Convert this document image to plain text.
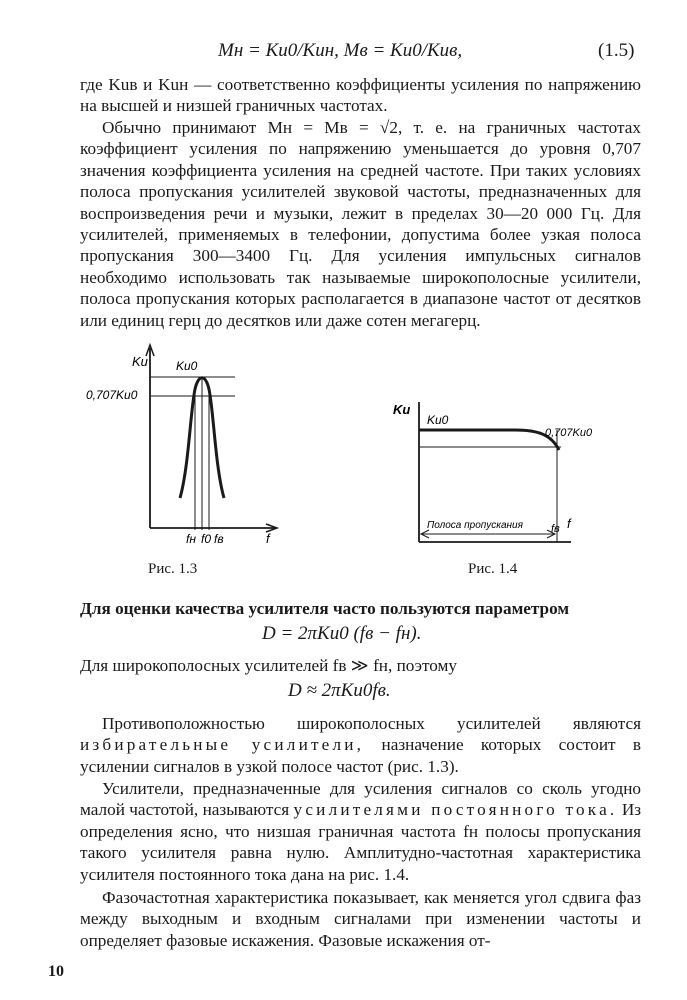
Mн = Ku0/Kuн, Mв = Ku0/Kuв,	(1.5)

где Kuв и Kuн — соответственно коэффициенты усиления по напряжению на высшей и низшей граничных частотах.

Обычно принимают Mн = Mв = √2, т. е. на граничных частотах коэффициент усиления по напряжению уменьшается до уровня 0,707 значения коэффициента усиления на средней частоте. При таких условиях полоса пропускания усилителей звуковой частоты, предназначенных для воспроизведения речи и музыки, лежит в пределах 30—20 000 Гц. Для усилителей, применяемых в телефонии, допустима более узкая полоса пропускания 300—3400 Гц. Для усиления импульсных сигналов необходимо использовать так называемые широкополосные усилители, полоса пропускания которых располагается в диапазоне частот от десятков или единиц герц до десятков или даже сотен мегагерц.

Ku Ku0
0,707Ku0
f
fн f0 fв
Рис. 1.3
Ku
Ku0
0,707Ku0
Полоса пропускания	fв f
Рис. 1.4
Для оценки качества усилителя часто пользуются параметром
D = 2πKu0 (fв − fн).
Для широкополосных усилителей fв ≫ fн, поэтому
D ≈ 2πKu0fв.

Противоположностью широкополосных усилителей являются избирательные усилители, назначение которых состоит в усилении сигналов в узкой полосе частот (рис. 1.3).

Усилители, предназначенные для усиления сигналов со сколь угодно малой частотой, называются усилителями постоянного тока. Из определения ясно, что низшая граничная частота fн полосы пропускания такого усилителя равна нулю. Амплитудно-частотная характеристика усилителя постоянного тока дана на рис. 1.4.

Фазочастотная характеристика показывает, как меняется угол сдвига фаз между выходным и входным сигналами при изменении частоты и определяет фазовые искажения. Фазовые искажения от-

10
